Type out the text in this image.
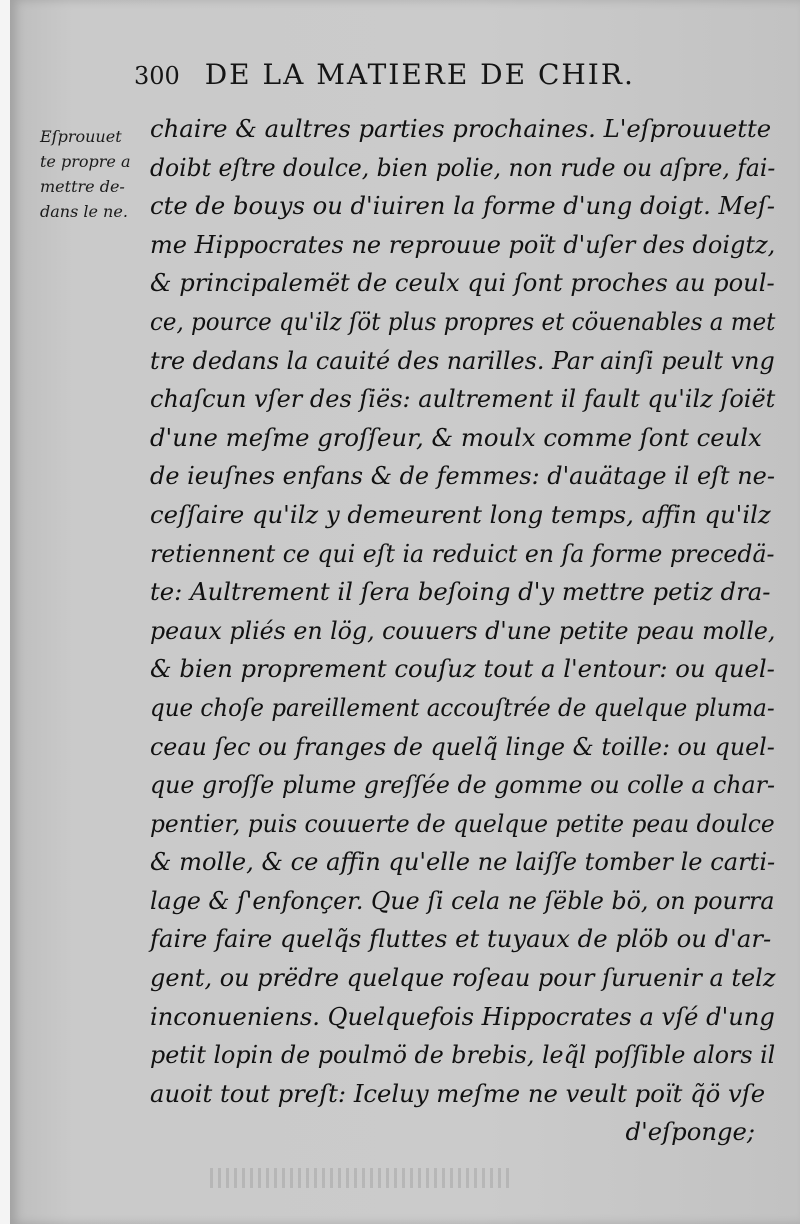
300 DE LA MATIERE DE CHIR.
Eſprouuet
te propre a
mettre de-
dans le ne.
chaire & aultres parties prochaines. L'eſprouuette
doibt eſtre doulce, bien polie, non rude ou aſpre, fai-
cte de bouys ou d'iuiren la forme d'ung doigt. Meſ-
me Hippocrates ne reprouue poït d'uſer des doigtz,
& principalemët de ceulx qui ſont proches au poul-
ce, pource qu'ilz ſöt plus propres et cöuenables a met
tre dedans la cauité des narilles. Par ainſi peult vng
chaſcun vſer des ſiës: aultrement il fault qu'ilz ſoiët
d'une meſme groſſeur, & moulx comme ſont ceulx
de ieuſnes enfans & de femmes: d'auätage il eſt ne-
ceſſaire qu'ilz y demeurent long temps, affin qu'ilz
retiennent ce qui eſt ia reduict en ſa forme precedä-
te: Aultrement il ſera beſoing d'y mettre petiz dra-
peaux pliés en lög, couuers d'une petite peau molle,
& bien proprement couſuz tout a l'entour: ou quel-
que choſe pareillement accouſtrée de quelque pluma-
ceau ſec ou franges de quelq̃ linge & toille: ou quel-
que groſſe plume greſſée de gomme ou colle a char-
pentier, puis couuerte de quelque petite peau doulce
& molle, & ce affin qu'elle ne laiſſe tomber le carti-
lage & ſ'enfonçer. Que ſi cela ne ſëble bö, on pourra
faire faire quelq̃s fluttes et tuyaux de plöb ou d'ar-
gent, ou prëdre quelque roſeau pour ſuruenir a telz
inconueniens. Quelquefois Hippocrates a vſé d'ung
petit lopin de poulmö de brebis, leq̃l poſſible alors il
auoit tout preſt: Iceluy meſme ne veult poït q̃ö vſe
d'eſponge;
